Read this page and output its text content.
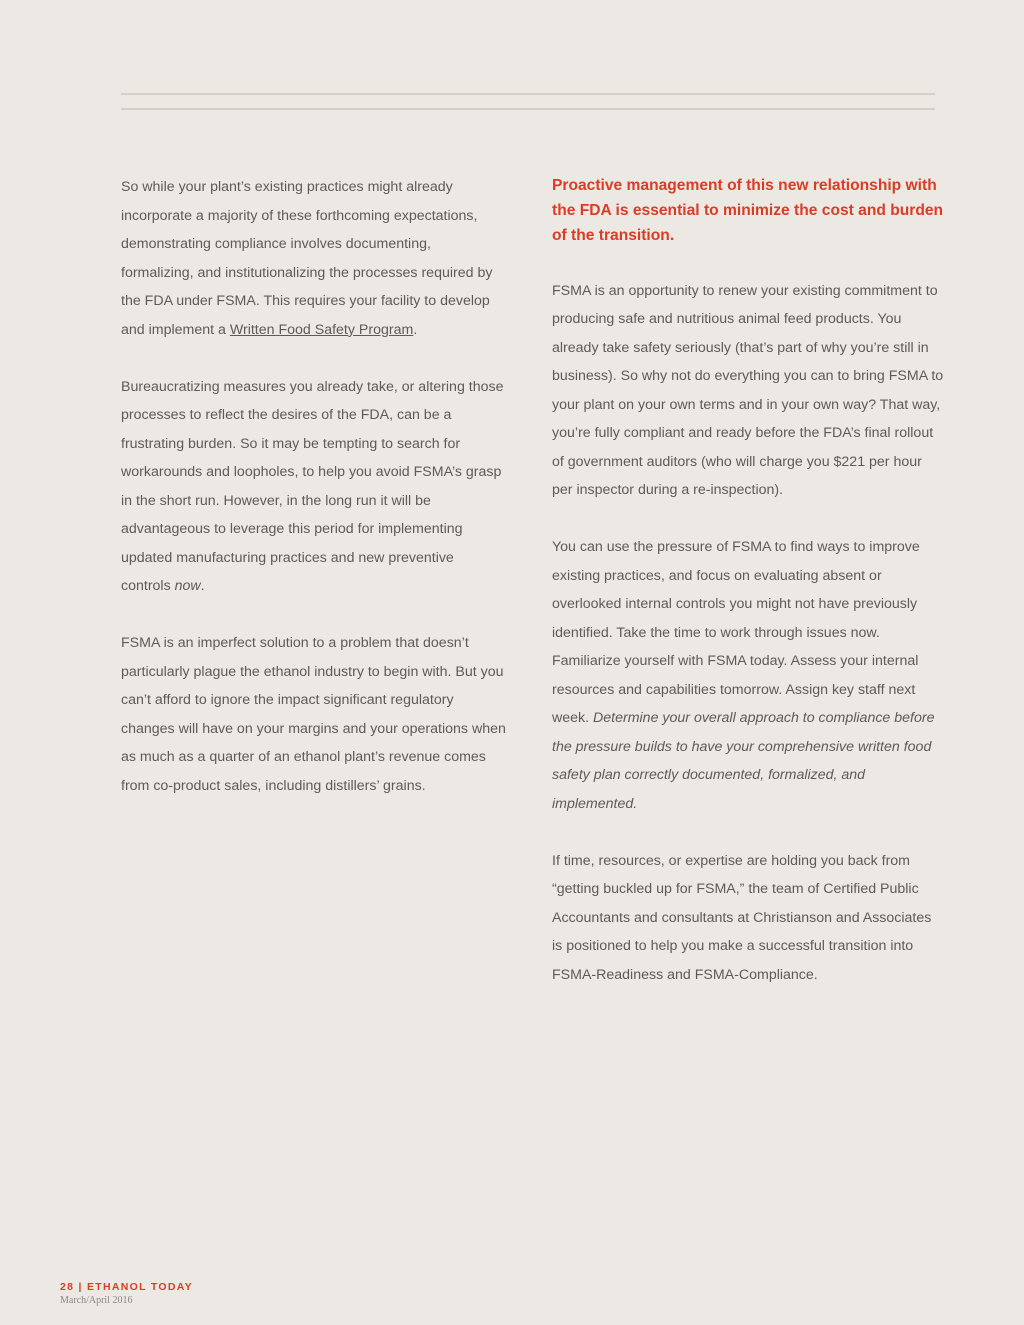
So while your plant’s existing practices might already incorporate a majority of these forthcoming expectations, demonstrating compliance involves documenting, formalizing, and institutionalizing the processes required by the FDA under FSMA. This requires your facility to develop and implement a Written Food Safety Program.

Bureaucratizing measures you already take, or altering those processes to reflect the desires of the FDA, can be a frustrating burden. So it may be tempting to search for workarounds and loopholes, to help you avoid FSMA’s grasp in the short run. However, in the long run it will be advantageous to leverage this period for implementing updated manufacturing practices and new preventive controls now.

FSMA is an imperfect solution to a problem that doesn’t particularly plague the ethanol industry to begin with. But you can’t afford to ignore the impact significant regulatory changes will have on your margins and your operations when as much as a quarter of an ethanol plant’s revenue comes from co-product sales, including distillers’ grains.

Proactive management of this new relationship with the FDA is essential to minimize the cost and burden of the transition.

FSMA is an opportunity to renew your existing commitment to producing safe and nutritious animal feed products. You already take safety seriously (that’s part of why you’re still in business). So why not do everything you can to bring FSMA to your plant on your own terms and in your own way? That way, you’re fully compliant and ready before the FDA’s final rollout of government auditors (who will charge you $221 per hour per inspector during a re-inspection).

You can use the pressure of FSMA to find ways to improve existing practices, and focus on evaluating absent or overlooked internal controls you might not have previously identified. Take the time to work through issues now. Familiarize yourself with FSMA today. Assess your internal resources and capabilities tomorrow. Assign key staff next week. Determine your overall approach to compliance before the pressure builds to have your comprehensive written food safety plan correctly documented, formalized, and implemented.

If time, resources, or expertise are holding you back from “getting buckled up for FSMA,” the team of Certified Public Accountants and consultants at Christianson and Associates is positioned to help you make a successful transition into FSMA-Readiness and FSMA-Compliance.

28 | ETHANOL TODAY
March/April 2016
